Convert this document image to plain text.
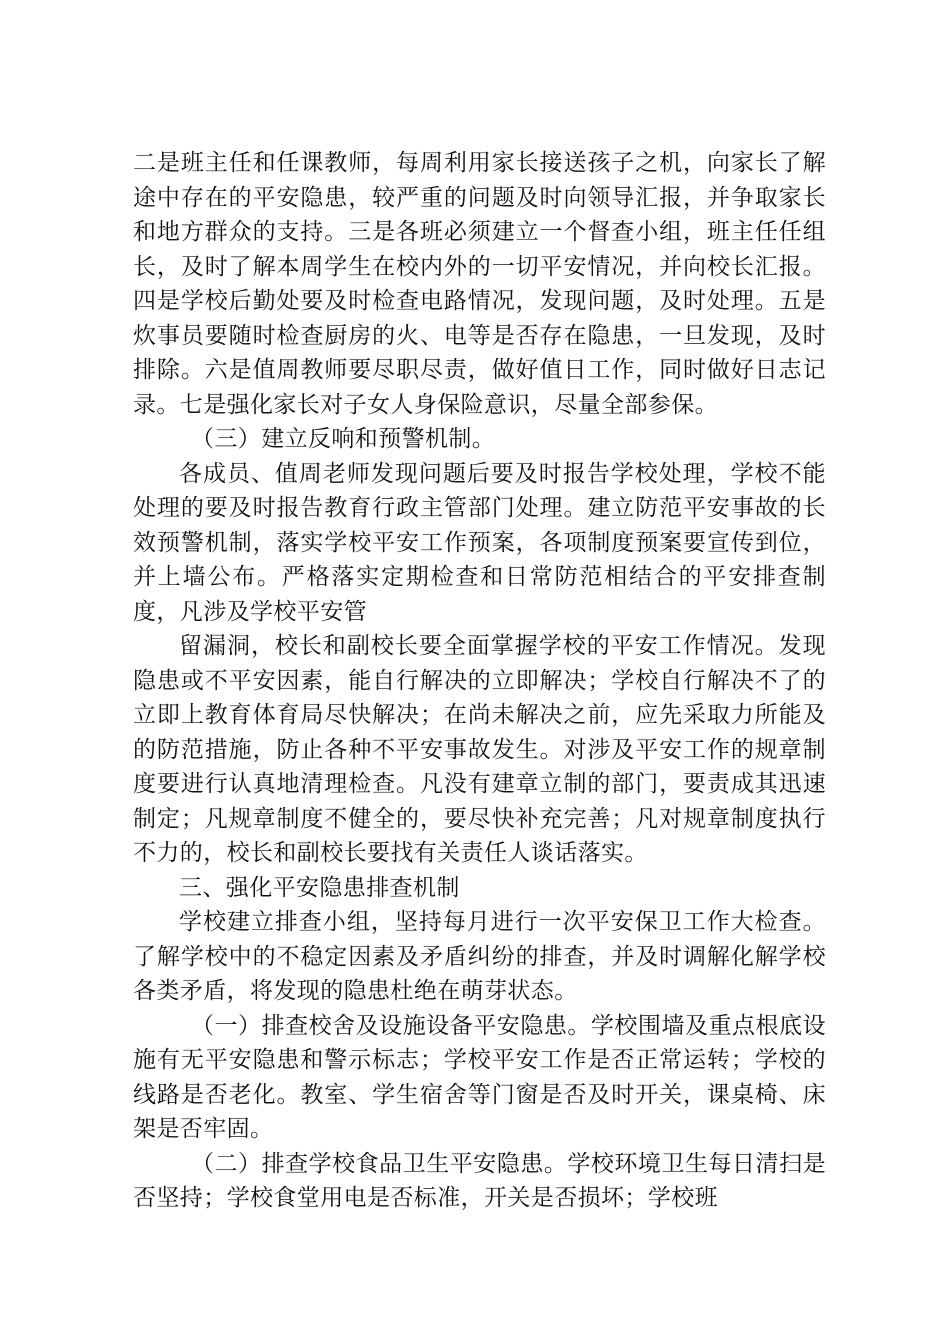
二是班主任和任课教师，每周利用家长接送孩子之机，向家长了解途中存在的平安隐患，较严重的问题及时向领导汇报，并争取家长和地方群众的支持。三是各班必须建立一个督查小组，班主任任组长，及时了解本周学生在校内外的一切平安情况，并向校长汇报。四是学校后勤处要及时检查电路情况，发现问题，及时处理。五是炊事员要随时检查厨房的火、电等是否存在隐患，一旦发现，及时排除。六是值周教师要尽职尽责，做好值日工作，同时做好日志记录。七是强化家长对子女人身保险意识，尽量全部参保。

（三）建立反响和预警机制。

各成员、值周老师发现问题后要及时报告学校处理，学校不能处理的要及时报告教育行政主管部门处理。建立防范平安事故的长效预警机制，落实学校平安工作预案，各项制度预案要宣传到位，并上墙公布。严格落实定期检查和日常防范相结合的平安排查制度，凡涉及学校平安管

留漏洞，校长和副校长要全面掌握学校的平安工作情况。发现隐患或不平安因素，能自行解决的立即解决；学校自行解决不了的立即上教育体育局尽快解决；在尚未解决之前，应先采取力所能及的防范措施，防止各种不平安事故发生。对涉及平安工作的规章制度要进行认真地清理检查。凡没有建章立制的部门，要责成其迅速制定；凡规章制度不健全的，要尽快补充完善；凡对规章制度执行不力的，校长和副校长要找有关责任人谈话落实。

三、强化平安隐患排查机制

学校建立排查小组，坚持每月进行一次平安保卫工作大检查。了解学校中的不稳定因素及矛盾纠纷的排查，并及时调解化解学校各类矛盾，将发现的隐患杜绝在萌芽状态。

（一）排查校舍及设施设备平安隐患。学校围墙及重点根底设施有无平安隐患和警示标志；学校平安工作是否正常运转；学校的线路是否老化。教室、学生宿舍等门窗是否及时开关，课桌椅、床架是否牢固。

（二）排查学校食品卫生平安隐患。学校环境卫生每日清扫是否坚持；学校食堂用电是否标准，开关是否损坏；学校班
